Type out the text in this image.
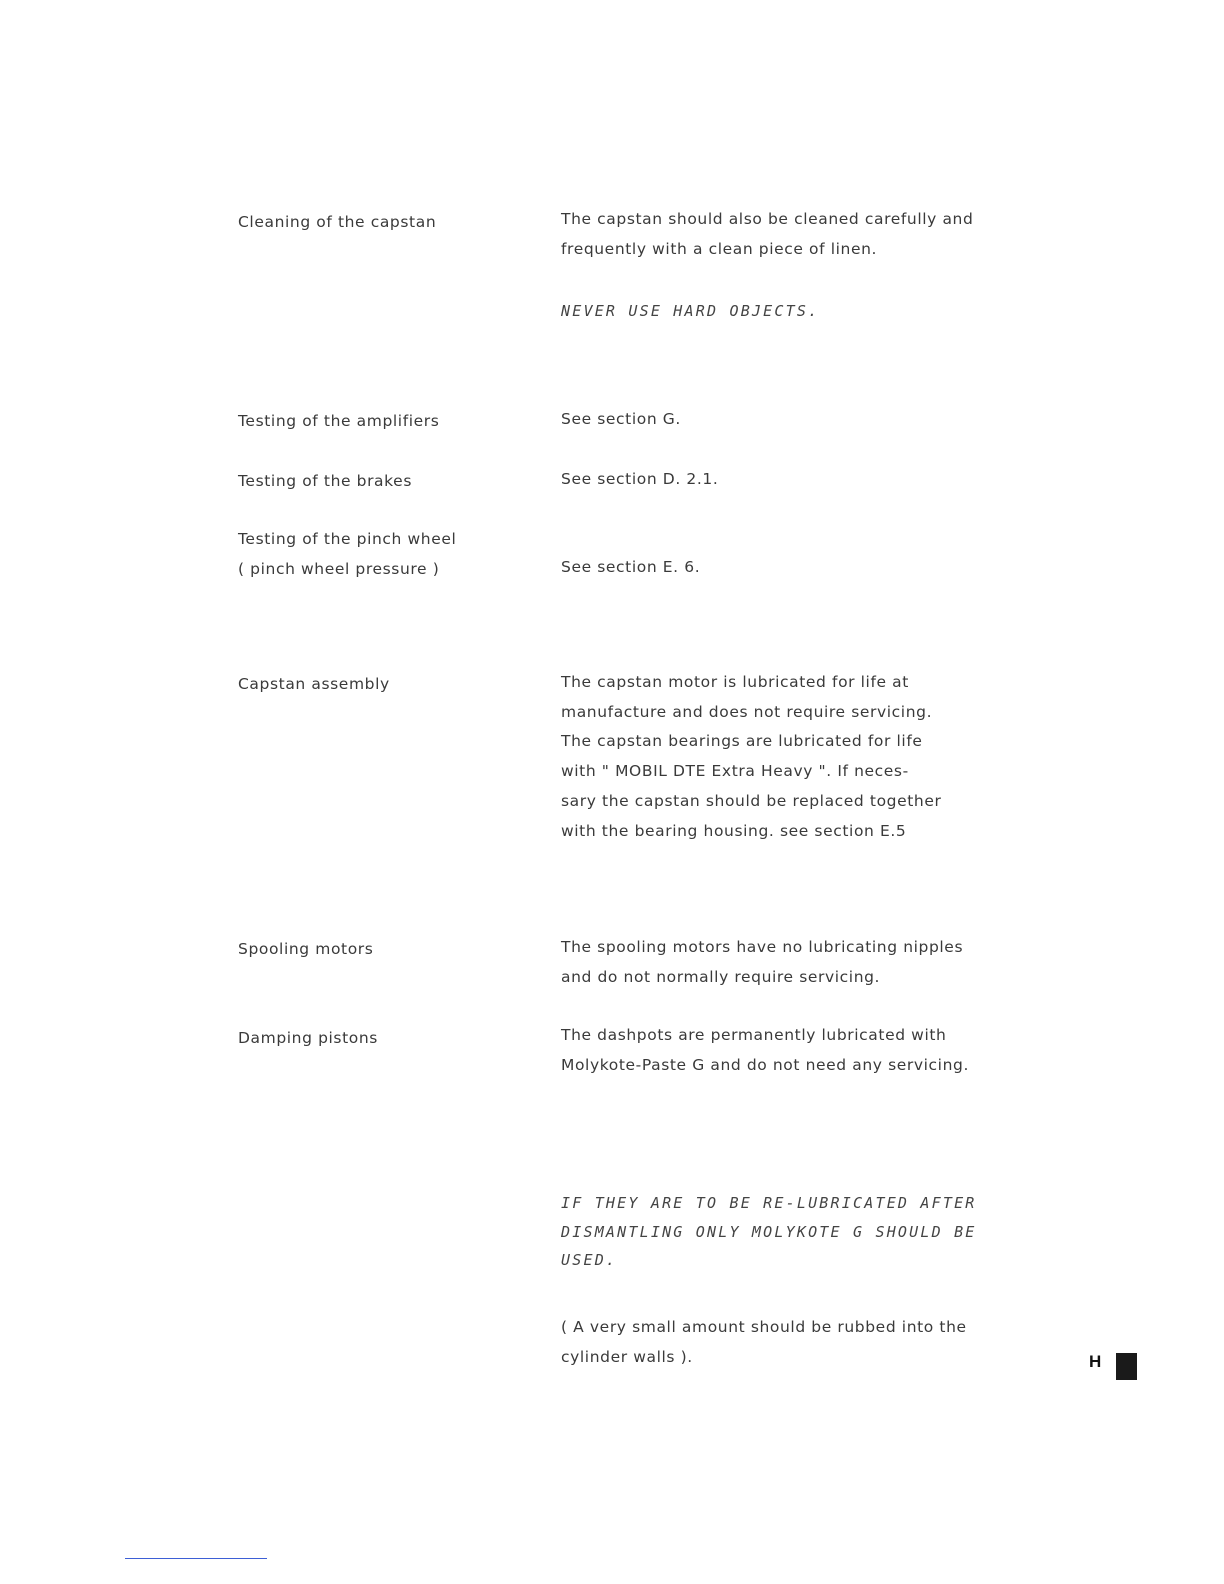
Cleaning of the capstan	The capstan should also be cleaned carefully and
frequently with a clean piece of linen.
NEVER USE HARD OBJECTS.
Testing of the amplifiers	See section G.
Testing of the brakes	See section D. 2.1.
Testing of the pinch wheel
( pinch wheel pressure )	See section E. 6.
Capstan assembly	The capstan motor is lubricated for life at
manufacture and does not require servicing.
The capstan bearings are lubricated for life
with " MOBIL DTE Extra Heavy ". If neces-
sary the capstan should be replaced together
with the bearing housing. see section E.5
Spooling motors	The spooling motors have no lubricating nipples
and do not normally require servicing.
Damping pistons	The dashpots are permanently lubricated with
Molykote-Paste G and do not need any servicing.
IF THEY ARE TO BE RE-LUBRICATED AFTER
DISMANTLING ONLY MOLYKOTE G SHOULD BE
USED.
( A very small amount should be rubbed into the
cylinder walls ).	H
